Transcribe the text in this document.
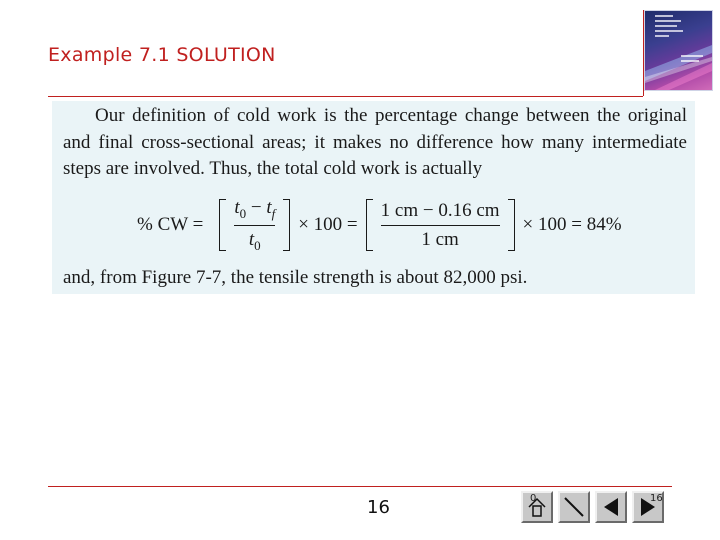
Example 7.1 SOLUTION
Our definition of cold work is the percentage change between the original and final cross-sectional areas; it makes no difference how many intermediate steps are involved. Thus, the total cold work is actually
% CW = $\frac{t_0 - t_f}{t_0} \times 100 = \frac{1 cm - 0.16 cm}{1 cm} \times 100 = 84\%$
and, from Figure 7-7, the tensile strength is about 82,000 psi.
16	0	16
